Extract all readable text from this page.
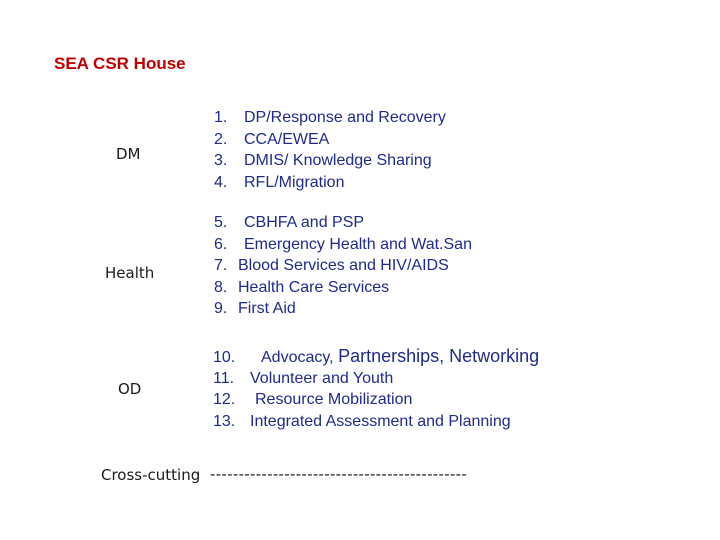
SEA CSR House
DM
1. DP/Response and Recovery
2. CCA/EWEA
3. DMIS/ Knowledge Sharing
4. RFL/Migration
Health
5. CBHFA and PSP
6. Emergency Health and Wat.San
7. Blood Services and HIV/AIDS
8. Health Care Services
9. First Aid
OD
10. Advocacy, Partnerships, Networking
11. Volunteer and Youth
12. Resource Mobilization
13. Integrated Assessment and Planning
Cross-cutting ---------------------------------------------
